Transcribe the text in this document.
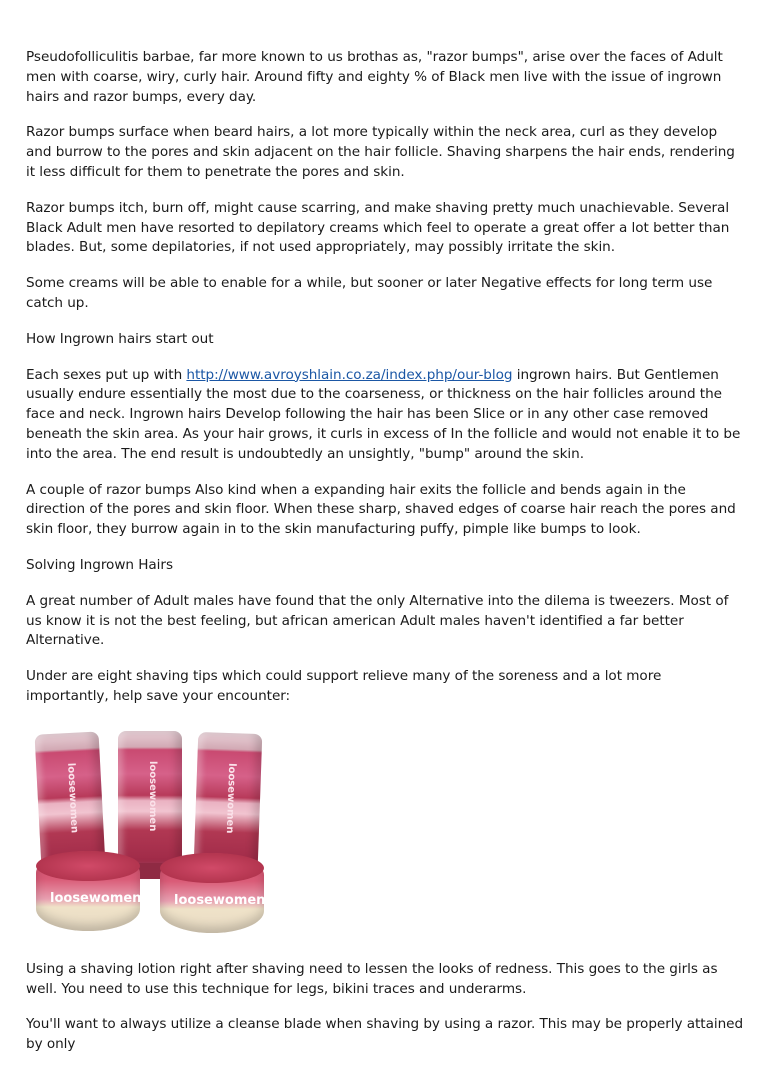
Pseudofolliculitis barbae, far more known to us brothas as, "razor bumps", arise over the faces of Adult men with coarse, wiry, curly hair. Around fifty and eighty % of Black men live with the issue of ingrown hairs and razor bumps, every day.

Razor bumps surface when beard hairs, a lot more typically within the neck area, curl as they develop and burrow to the pores and skin adjacent on the hair follicle. Shaving sharpens the hair ends, rendering it less difficult for them to penetrate the pores and skin.

Razor bumps itch, burn off, might cause scarring, and make shaving pretty much unachievable. Several Black Adult men have resorted to depilatory creams which feel to operate a great offer a lot better than blades. But, some depilatories, if not used appropriately, may possibly irritate the skin.

Some creams will be able to enable for a while, but sooner or later Negative effects for long term use catch up.

How Ingrown hairs start out

Each sexes put up with http://www.avroyshlain.co.za/index.php/our-blog ingrown hairs. But Gentlemen usually endure essentially the most due to the coarseness, or thickness on the hair follicles around the face and neck. Ingrown hairs Develop following the hair has been Slice or in any other case removed beneath the skin area. As your hair grows, it curls in excess of In the follicle and would not enable it to be into the area. The end result is undoubtedly an unsightly, "bump" around the skin.

A couple of razor bumps Also kind when a expanding hair exits the follicle and bends again in the direction of the pores and skin floor. When these sharp, shaved edges of coarse hair reach the pores and skin floor, they burrow again in to the skin manufacturing puffy, pimple like bumps to look.

Solving Ingrown Hairs

A great number of Adult males have found that the only Alternative into the dilema is tweezers. Most of us know it is not the best feeling, but african american Adult males haven't identified a far better Alternative.

Under are eight shaving tips which could support relieve many of the soreness and a lot more importantly, help save your encounter:

loosewomen	loosewomen	loosewomen
loosewomen	loosewomen

Using a shaving lotion right after shaving need to lessen the looks of redness. This goes to the girls as well. You need to use this technique for legs, bikini traces and underarms.

You'll want to always utilize a cleanse blade when shaving by using a razor. This may be properly attained by only
